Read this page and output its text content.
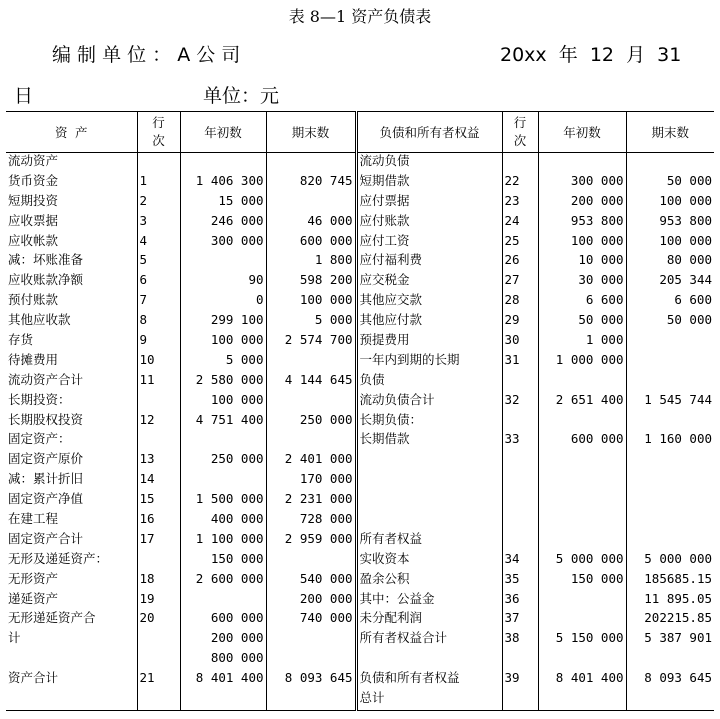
表 8—1 资产负债表
编 制 单 位 ： A 公 司	20xx  年  12  月  31
日	单位：元
资 产	行次	年初数	期末数	负债和所有者权益	行次	年初数	期末数
流动资产				流动负债			
货币资金	1	1 406 300	820 745	短期借款	22	300 000	50 000
短期投资	2	15 000		应付票据	23	200 000	100 000
应收票据	3	246 000	46 000	应付账款	24	953 800	953 800
应收帐款	4	300 000	600 000	应付工资	25	100 000	100 000
减：坏账准备	5		1 800	应付福利费	26	10 000	80 000
应收账款净额	6	90	598 200	应交税金	27	30 000	205 344
预付账款	7	0	100 000	其他应交款	28	6 600	6 600
其他应收款	8	299 100	5 000	其他应付款	29	50 000	50 000
存货	9	100 000	2 574 700	预提费用	30	1 000	
待摊费用	10	5 000		一年内到期的长期	31	1 000 000	
流动资产合计	11	2 580 000	4 144 645	负债			
长期投资：		100 000		流动负债合计	32	2 651 400	1 545 744
长期股权投资	12	4 751 400	250 000	长期负债：			
固定资产：				长期借款	33	600 000	1 160 000
固定资产原价	13	250 000	2 401 000				
减：累计折旧	14		170 000				
固定资产净值	15	1 500 000	2 231 000				
在建工程	16	400 000	728 000				
固定资产合计	17	1 100 000	2 959 000	所有者权益			
无形及递延资产：		150 000		实收资本	34	5 000 000	5 000 000
无形资产	18	2 600 000	540 000	盈余公积	35	150 000	185685.15
递延资产	19		200 000	其中：公益金	36		11 895.05
无形递延资产合	20	600 000	740 000	未分配利润	37		202215.85
计		200 000		所有者权益合计	38	5 150 000	5 387 901
		800 000					
资产合计	21	8 401 400	8 093 645	负债和所有者权益	39	8 401 400	8 093 645
				总计			
